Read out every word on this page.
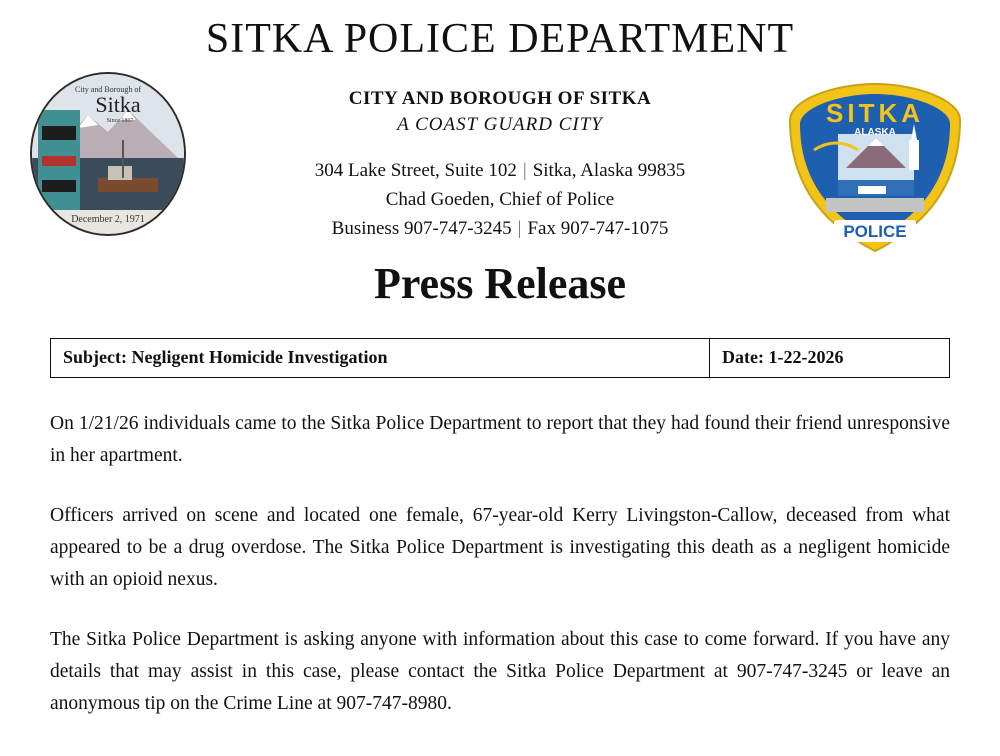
SITKA POLICE DEPARTMENT
City and Borough of
Sitka
Since 1867
December 2, 1971
SITKA
ALASKA
POLICE
CITY AND BOROUGH OF SITKA
A COAST GUARD CITY
304 Lake Street, Suite 102 | Sitka, Alaska 99835
Chad Goeden, Chief of Police
Business 907-747-3245 | Fax 907-747-1075
Press Release
Subject: Negligent Homicide Investigation	Date: 1-22-2026

On 1/21/26 individuals came to the Sitka Police Department to report that they had found their friend unresponsive in her apartment.

Officers arrived on scene and located one female, 67-year-old Kerry Livingston-Callow, deceased from what appeared to be a drug overdose. The Sitka Police Department is investigating this death as a negligent homicide with an opioid nexus.

The Sitka Police Department is asking anyone with information about this case to come forward. If you have any details that may assist in this case, please contact the Sitka Police Department at 907-747-3245 or leave an anonymous tip on the Crime Line at 907-747-8980.
